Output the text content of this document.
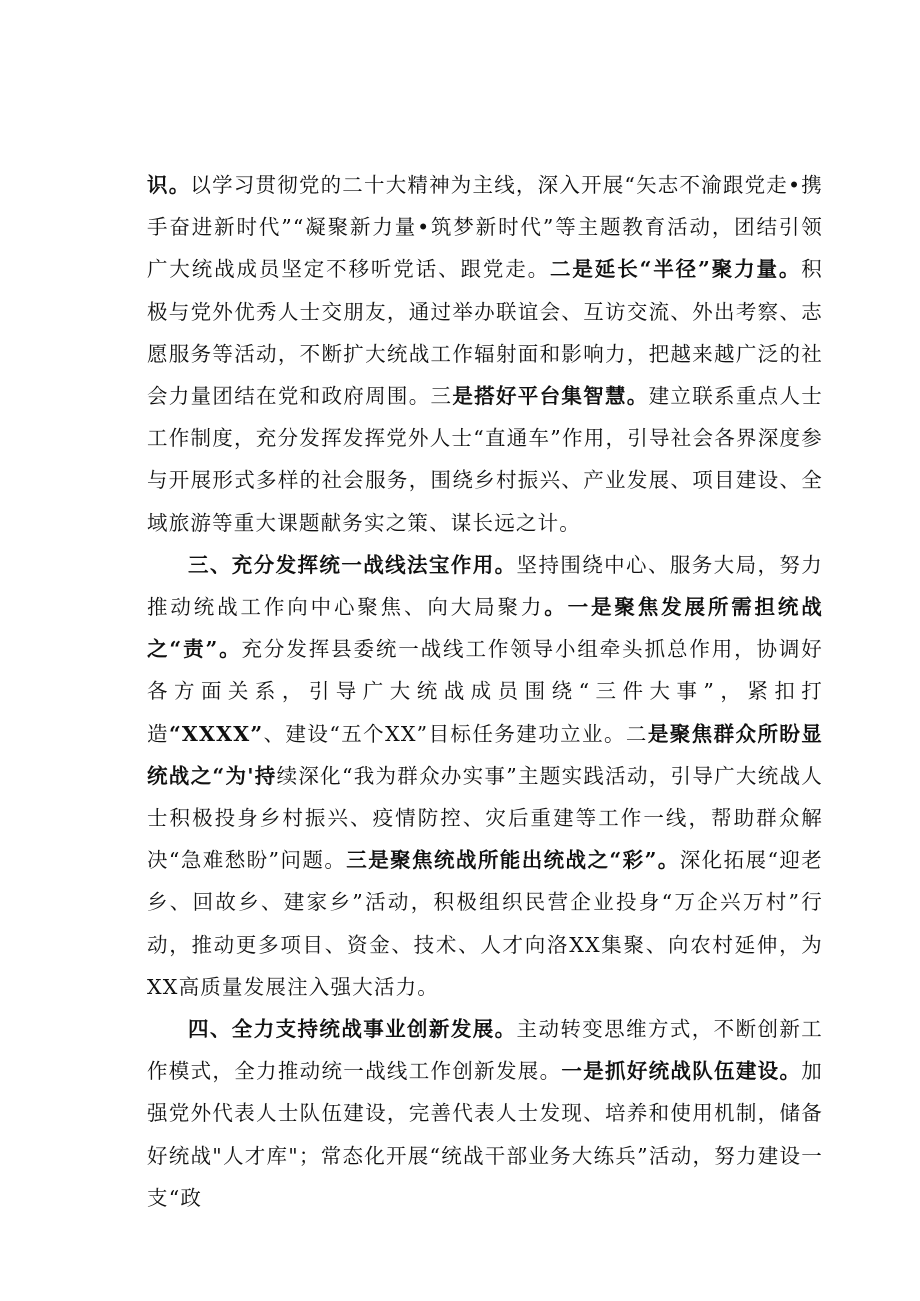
识。以学习贯彻党的二十大精神为主线，深入开展“矢志不渝跟党走•携手奋进新时代”“凝聚新力量•筑梦新时代”等主题教育活动，团结引领广大统战成员坚定不移听党话、跟党走。二是延长“半径”聚力量。积极与党外优秀人士交朋友，通过举办联谊会、互访交流、外出考察、志愿服务等活动，不断扩大统战工作辐射面和影响力，把越来越广泛的社会力量团结在党和政府周围。三是搭好平台集智慧。建立联系重点人士工作制度，充分发挥发挥党外人士“直通车”作用，引导社会各界深度参与开展形式多样的社会服务，围绕乡村振兴、产业发展、项目建设、全域旅游等重大课题献务实之策、谋长远之计。

三、充分发挥统一战线法宝作用。坚持围绕中心、服务大局，努力推动统战工作向中心聚焦、向大局聚力。一是聚焦发展所需担统战之“责”。充分发挥县委统一战线工作领导小组牵头抓总作用，协调好各方面关系，引导广大统战成员围绕“三件大事”，紧扣打造“XXXX”、建设“五个XX”目标任务建功立业。二是聚焦群众所盼显统战之“为'持续深化“我为群众办实事”主题实践活动，引导广大统战人士积极投身乡村振兴、疫情防控、灾后重建等工作一线，帮助群众解决“急难愁盼”问题。三是聚焦统战所能出统战之“彩”。深化拓展“迎老乡、回故乡、建家乡”活动，积极组织民营企业投身“万企兴万村”行动，推动更多项目、资金、技术、人才向洛XX集聚、向农村延伸，为XX高质量发展注入强大活力。

四、全力支持统战事业创新发展。主动转变思维方式，不断创新工作模式，全力推动统一战线工作创新发展。一是抓好统战队伍建设。加强党外代表人士队伍建设，完善代表人士发现、培养和使用机制，储备好统战"人才库"；常态化开展“统战干部业务大练兵”活动，努力建设一支“政
